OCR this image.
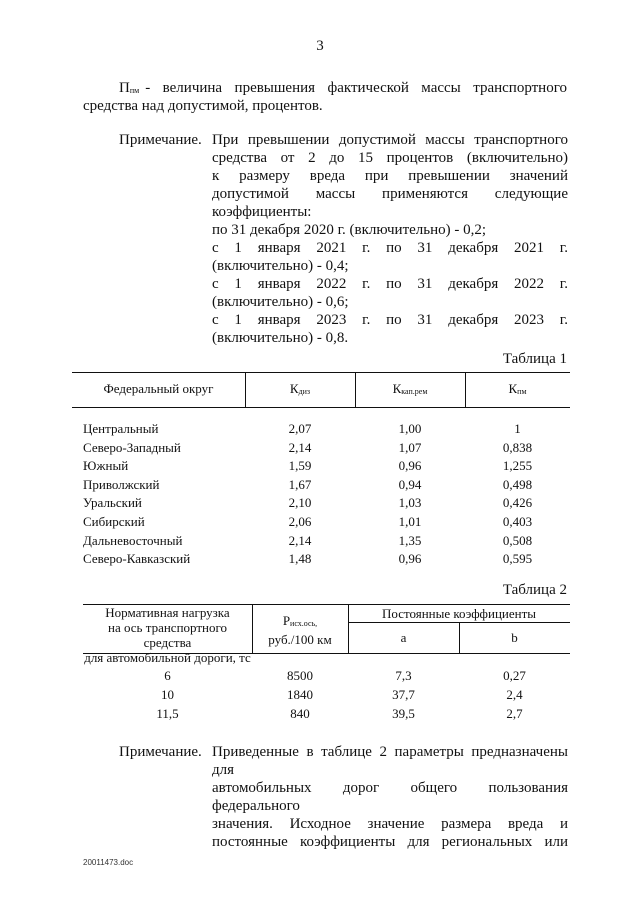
3
Ппм - величина превышения фактической массы транспортного
средства над допустимой, процентов.
Примечание. При превышении допустимой массы транспортного
средства от 2 до 15 процентов (включительно)
к размеру вреда при превышении значений
допустимой массы применяются следующие
коэффициенты:
по 31 декабря 2020 г. (включительно) - 0,2;
с 1 января 2021 г. по 31 декабря 2021 г.
(включительно) - 0,4;
с 1 января 2022 г. по 31 декабря 2022 г.
(включительно) - 0,6;
с 1 января 2023 г. по 31 декабря 2023 г.
(включительно) - 0,8.
Таблица 1
Федеральный округ	Кдиз	Ккап.рем	Кпм
Центральный	2,07	1,00	1
Северо-Западный	2,14	1,07	0,838
Южный	1,59	0,96	1,255
Приволжский	1,67	0,94	0,498
Уральский	2,10	1,03	0,426
Сибирский	2,06	1,01	0,403
Дальневосточный	2,14	1,35	0,508
Северо-Кавказский	1,48	0,96	0,595
Таблица 2
Нормативная нагрузка
на ось транспортного средства
для автомобильной дороги, тс
Рисх.ось,
руб./100 км
Постоянные коэффициенты
a	b
6	8500	7,3	0,27
10	1840	37,7	2,4
11,5	840	39,5	2,7
Примечание. Приведенные в таблице 2 параметры предназначены для
автомобильных дорог общего пользования федерального
значения. Исходное значение размера вреда и
постоянные коэффициенты для региональных или
20011473.doc
